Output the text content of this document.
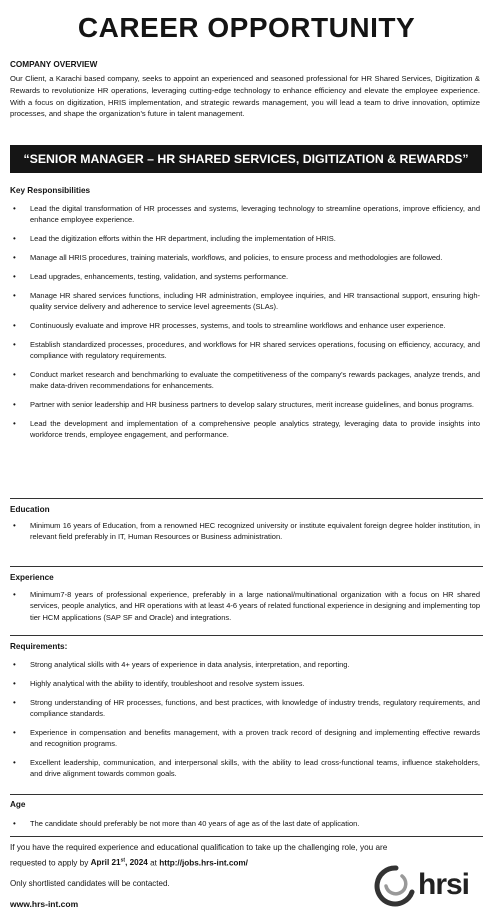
CAREER OPPORTUNITY
COMPANY OVERVIEW
Our Client, a Karachi based company, seeks to appoint an experienced and seasoned professional for HR Shared Services, Digitization & Rewards to revolutionize HR operations, leveraging cutting-edge technology to enhance efficiency and elevate the employee experience. With a focus on digitization, HRIS implementation, and strategic rewards management, you will lead a team to drive innovation, optimize processes, and shape the organization's future in talent management.
“SENIOR MANAGER – HR SHARED SERVICES, DIGITIZATION & REWARDS”
Key Responsibilities
• Lead the digital transformation of HR processes and systems, leveraging technology to streamline operations, improve efficiency, and enhance employee experience.
• Lead the digitization efforts within the HR department, including the implementation of HRIS.
• Manage all HRIS procedures, training materials, workflows, and policies, to ensure process and methodologies are followed.
• Lead upgrades, enhancements, testing, validation, and systems performance.
• Manage HR shared services functions, including HR administration, employee inquiries, and HR transactional support, ensuring high-quality service delivery and adherence to service level agreements (SLAs).
• Continuously evaluate and improve HR processes, systems, and tools to streamline workflows and enhance user experience.
• Establish standardized processes, procedures, and workflows for HR shared services operations, focusing on efficiency, accuracy, and compliance with regulatory requirements.
• Conduct market research and benchmarking to evaluate the competitiveness of the company's rewards packages, analyze trends, and make data-driven recommendations for enhancements.
• Partner with senior leadership and HR business partners to develop salary structures, merit increase guidelines, and bonus programs.
• Lead the development and implementation of a comprehensive people analytics strategy, leveraging data to provide insights into workforce trends, employee engagement, and performance.
Education
• Minimum 16 years of Education, from a renowned HEC recognized university or institute equivalent foreign degree holder institution, in relevant field preferably in IT, Human Resources or Business administration.
Experience
• Minimum7-8 years of professional experience, preferably in a large national/multinational organization with a focus on HR shared services, people analytics, and HR operations with at least 4-6 years of related functional experience in designing and implementing top tier HCM applications (SAP SF and Oracle) and integrations.
Requirements:
• Strong analytical skills with 4+ years of experience in data analysis, interpretation, and reporting.
• Highly analytical with the ability to identify, troubleshoot and resolve system issues.
• Strong understanding of HR processes, functions, and best practices, with knowledge of industry trends, regulatory requirements, and compliance standards.
• Experience in compensation and benefits management, with a proven track record of designing and implementing effective rewards and recognition programs.
• Excellent leadership, communication, and interpersonal skills, with the ability to lead cross-functional teams, influence stakeholders, and drive alignment towards common goals.
Age
• The candidate should preferably be not more than 40 years of age as of the last date of application.
If you have the required experience and educational qualification to take up the challenging role, you are
requested to apply by April 21st, 2024 at http://jobs.hrs-int.com/
Only shortlisted candidates will be contacted.
www.hrs-int.com
hrsi
